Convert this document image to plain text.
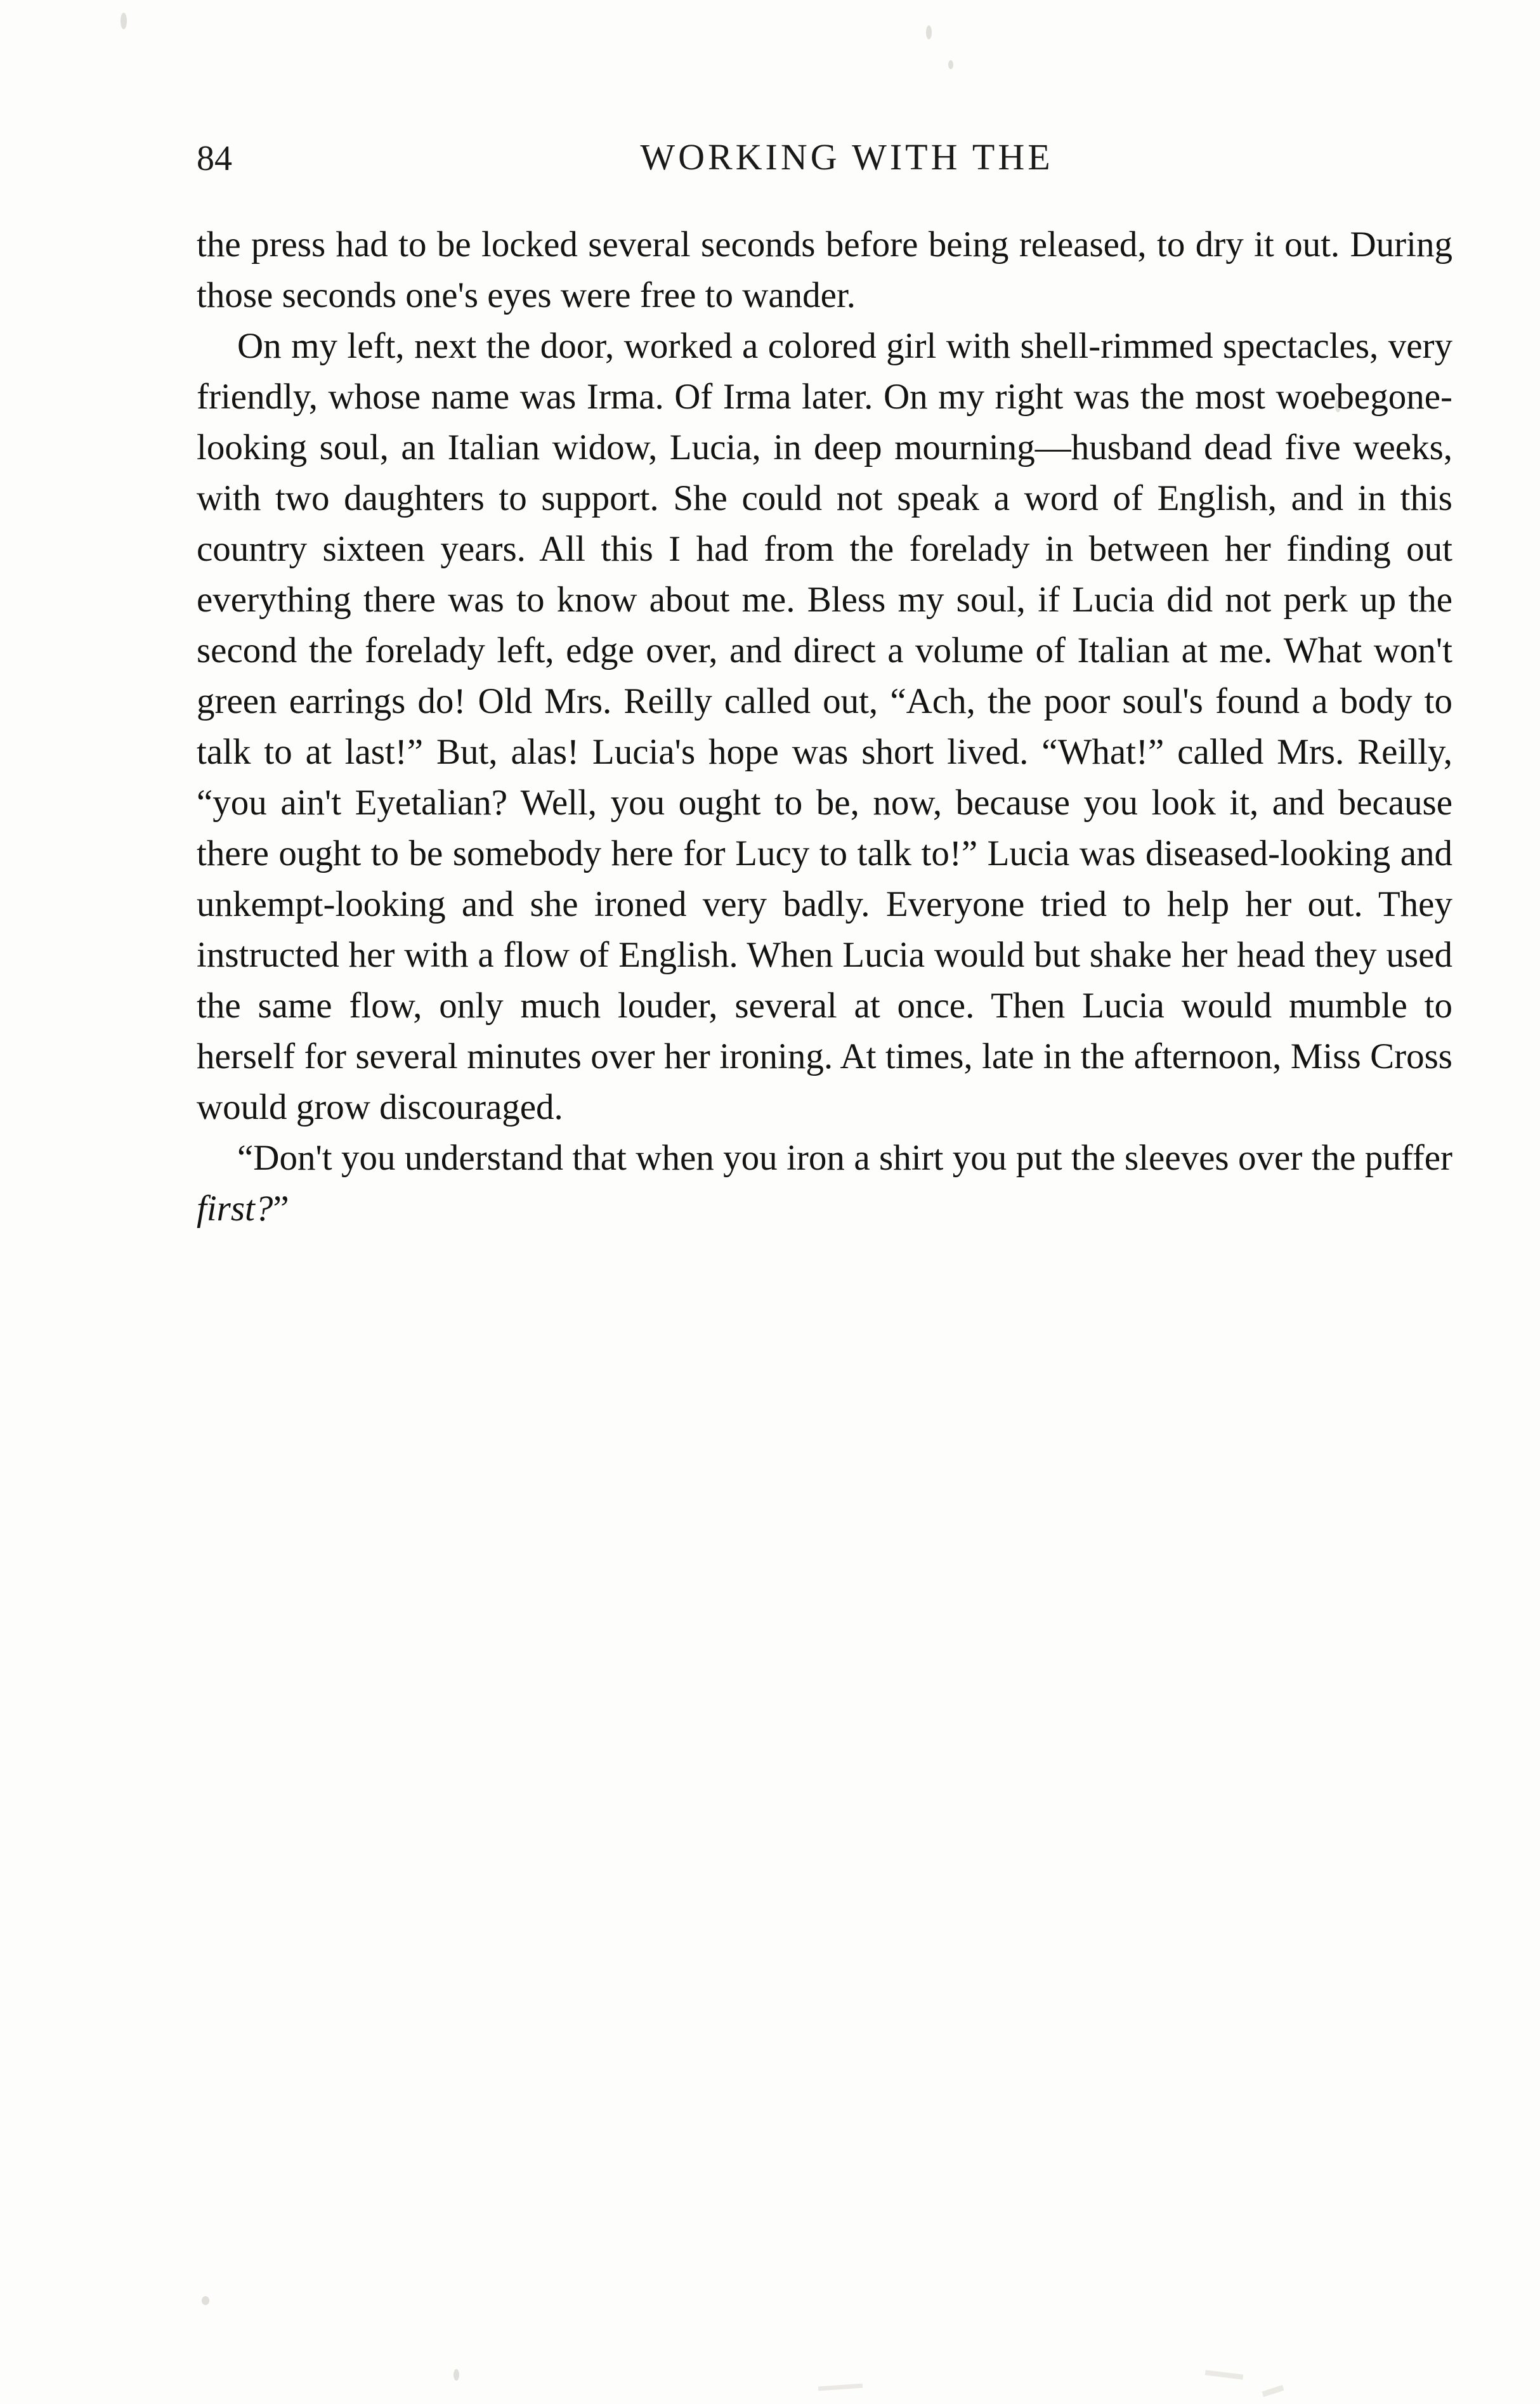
84	WORKING WITH THE

the press had to be locked several seconds before being released, to dry it out. During those seconds one's eyes were free to wander.

On my left, next the door, worked a colored girl with shell-rimmed spectacles, very friendly, whose name was Irma. Of Irma later. On my right was the most woebegone-looking soul, an Italian widow, Lucia, in deep mourning—husband dead five weeks, with two daughters to support. She could not speak a word of English, and in this country sixteen years. All this I had from the forelady in between her finding out everything there was to know about me. Bless my soul, if Lucia did not perk up the second the forelady left, edge over, and direct a volume of Italian at me. What won't green earrings do! Old Mrs. Reilly called out, “Ach, the poor soul's found a body to talk to at last!” But, alas! Lucia's hope was short lived. “What!” called Mrs. Reilly, “you ain't Eyetalian? Well, you ought to be, now, because you look it, and because there ought to be somebody here for Lucy to talk to!” Lucia was diseased-looking and unkempt-looking and she ironed very badly. Everyone tried to help her out. They instructed her with a flow of English. When Lucia would but shake her head they used the same flow, only much louder, several at once. Then Lucia would mumble to herself for several minutes over her ironing. At times, late in the afternoon, Miss Cross would grow discouraged.

“Don't you understand that when you iron a shirt you put the sleeves over the puffer first?”
